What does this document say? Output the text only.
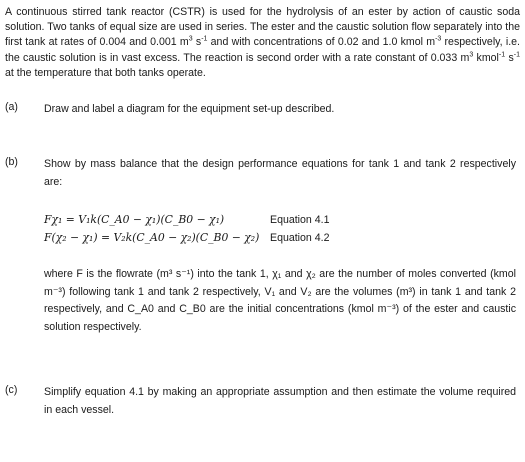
A continuous stirred tank reactor (CSTR) is used for the hydrolysis of an ester by action of caustic soda solution. Two tanks of equal size are used in series. The ester and the caustic solution flow separately into the first tank at rates of 0.004 and 0.001 $m^3$ $s^{-1}$ and with concentrations of 0.02 and 1.0 kmol $m^{-3}$ respectively, i.e. the caustic solution is in vast excess. The reaction is second order with a rate constant of 0.033 $m^3$ kmol$^{-1}$ $s^{-1}$ at the temperature that both tanks operate.
(a) Draw and label a diagram for the equipment set-up described.
(b) Show by mass balance that the design performance equations for tank 1 and tank 2 respectively are:
Fχ₁ = V₁k(C_A0 − χ₁)(C_B0 − χ₁)	Equation 4.1
F(χ₂ − χ₁) = V₂k(C_A0 − χ₂)(C_B0 − χ₂) Equation 4.2
where F is the flowrate (m³ s⁻¹) into the tank 1, χ₁ and χ₂ are the number of moles converted (kmol m⁻³) following tank 1 and tank 2 respectively, V₁ and V₂ are the volumes (m³) in tank 1 and tank 2 respectively, and C_A0 and C_B0 are the initial concentrations (kmol m⁻³) of the ester and caustic solution respectively.
(c)	Simplify equation 4.1 by making an appropriate assumption and then estimate the volume required in each vessel.
